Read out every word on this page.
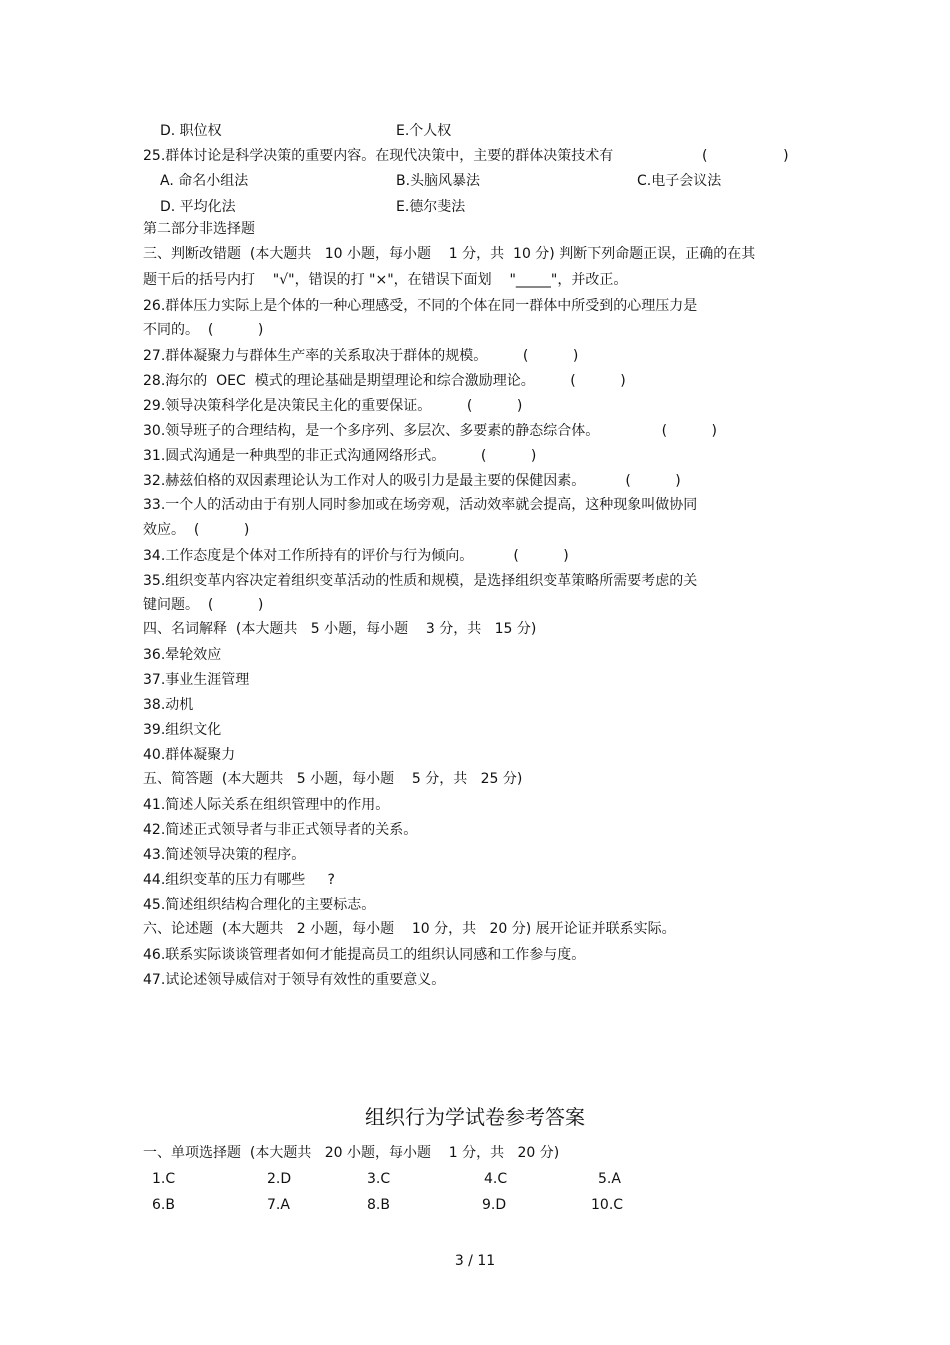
D. 职位权	E.个人权
25.群体讨论是科学决策的重要内容。在现代决策中，主要的群体决策技术有	(                 )
A. 命名小组法	B.头脑风暴法	C.电子会议法
D. 平均化法	E.德尔斐法
第二部分非选择题
三、判断改错题  (本大题共   10 小题，每小题    1 分，共  10 分) 判断下列命题正误，正确的在其
题干后的括号内打    "√"，错误的打 "×"，在错误下面划    "_____"，并改正。
26.群体压力实际上是个体的一种心理感受，不同的个体在同一群体中所受到的心理压力是
不同的。  (          )
27.群体凝聚力与群体生产率的关系取决于群体的规模。        (          )
28.海尔的  OEC  模式的理论基础是期望理论和综合激励理论。        (          )
29.领导决策科学化是决策民主化的重要保证。        (          )
30.领导班子的合理结构，是一个多序列、多层次、多要素的静态综合体。              (          )
31.圆式沟通是一种典型的非正式沟通网络形式。        (          )
32.赫兹伯格的双因素理论认为工作对人的吸引力是最主要的保健因素。         (          )
33.一个人的活动由于有别人同时参加或在场旁观，活动效率就会提高，这种现象叫做协同
效应。  (          )
34.工作态度是个体对工作所持有的评价与行为倾向。         (          )
35.组织变革内容决定着组织变革活动的性质和规模，是选择组织变革策略所需要考虑的关
键问题。  (          )
四、名词解释  (本大题共   5 小题，每小题    3 分，共   15 分)
36.晕轮效应
37.事业生涯管理
38.动机
39.组织文化
40.群体凝聚力
五、简答题  (本大题共   5 小题，每小题    5 分，共   25 分)
41.简述人际关系在组织管理中的作用。
42.简述正式领导者与非正式领导者的关系。
43.简述领导决策的程序。
44.组织变革的压力有哪些     ?
45.简述组织结构合理化的主要标志。
六、论述题  (本大题共   2 小题，每小题    10 分，共   20 分) 展开论证并联系实际。
46.联系实际谈谈管理者如何才能提高员工的组织认同感和工作参与度。
47.试论述领导威信对于领导有效性的重要意义。
组织行为学试卷参考答案
一、单项选择题  (本大题共   20 小题，每小题    1 分，共   20 分)
1.C	2.D	3.C	4.C	5.A
6.B	7.A	8.B	9.D	10.C
3 / 11
